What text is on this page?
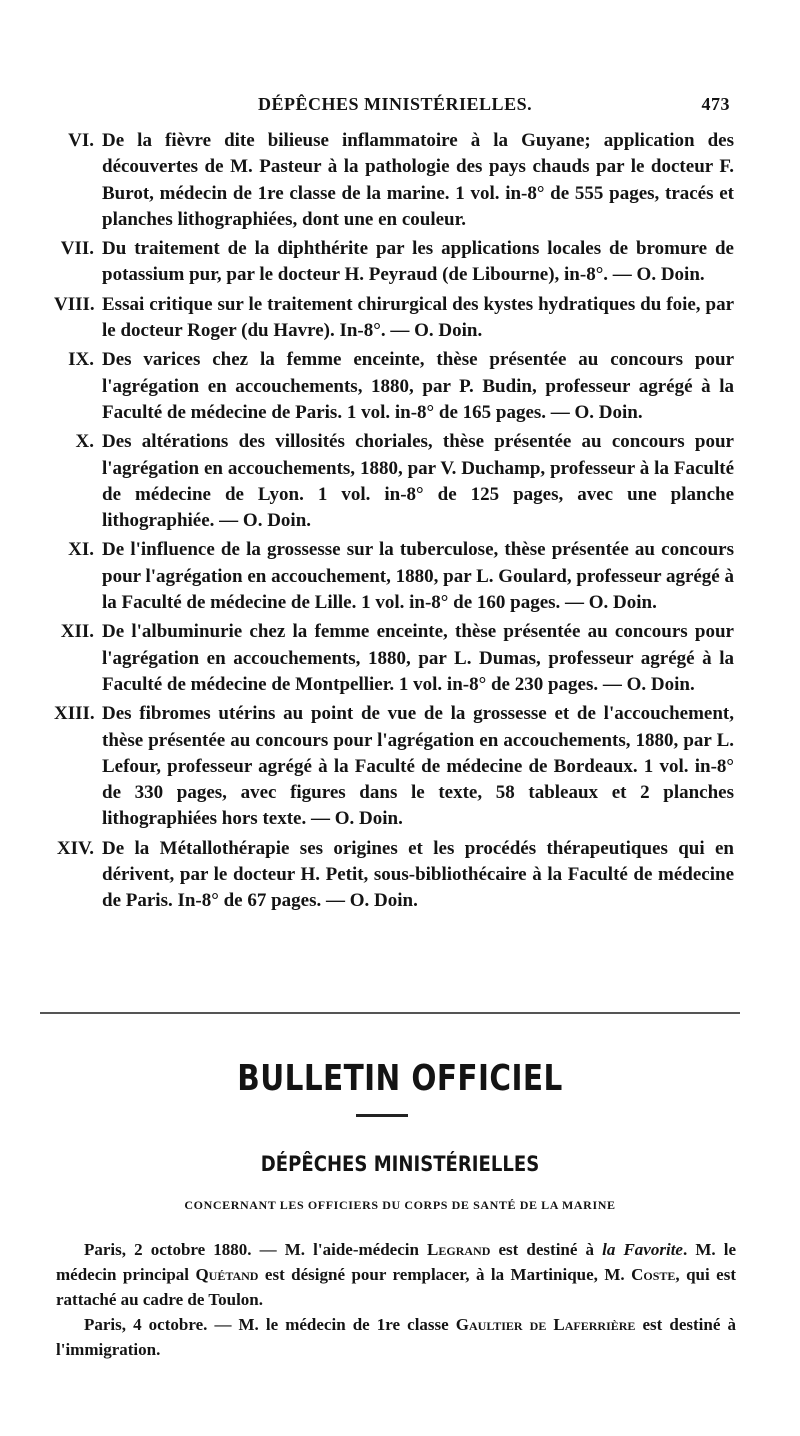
DÉPÊCHES MINISTÉRIELLES.	473
VI. De la fièvre dite bilieuse inflammatoire à la Guyane; application des découvertes de M. Pasteur à la pathologie des pays chauds par le docteur F. Burot, médecin de 1re classe de la marine. 1 vol. in-8° de 555 pages, tracés et planches lithographiées, dont une en couleur.
VII. Du traitement de la diphthérite par les applications locales de bromure de potassium pur, par le docteur H. Peyraud (de Libourne), in-8°. — O. Doin.
VIII. Essai critique sur le traitement chirurgical des kystes hydratiques du foie, par le docteur Roger (du Havre). In-8°. — O. Doin.
IX. Des varices chez la femme enceinte, thèse présentée au concours pour l'agrégation en accouchements, 1880, par P. Budin, professeur agrégé à la Faculté de médecine de Paris. 1 vol. in-8° de 165 pages. — O. Doin.
X. Des altérations des villosités choriales, thèse présentée au concours pour l'agrégation en accouchements, 1880, par V. Duchamp, professeur à la Faculté de médecine de Lyon. 1 vol. in-8° de 125 pages, avec une planche lithographiée. — O. Doin.
XI. De l'influence de la grossesse sur la tuberculose, thèse présentée au concours pour l'agrégation en accouchement, 1880, par L. Goulard, professeur agrégé à la Faculté de médecine de Lille. 1 vol. in-8° de 160 pages. — O. Doin.
XII. De l'albuminurie chez la femme enceinte, thèse présentée au concours pour l'agrégation en accouchements, 1880, par L. Dumas, professeur agrégé à la Faculté de médecine de Montpellier. 1 vol. in-8° de 230 pages. — O. Doin.
XIII. Des fibromes utérins au point de vue de la grossesse et de l'accouchement, thèse présentée au concours pour l'agrégation en accouchements, 1880, par L. Lefour, professeur agrégé à la Faculté de médecine de Bordeaux. 1 vol. in-8° de 330 pages, avec figures dans le texte, 58 tableaux et 2 planches lithographiées hors texte. — O. Doin.
XIV. De la Métallothérapie ses origines et les procédés thérapeutiques qui en dérivent, par le docteur H. Petit, sous-bibliothécaire à la Faculté de médecine de Paris. In-8° de 67 pages. — O. Doin.
BULLETIN OFFICIEL
DÉPÊCHES MINISTÉRIELLES
CONCERNANT LES OFFICIERS DU CORPS DE SANTÉ DE LA MARINE

Paris, 2 octobre 1880. — M. l'aide-médecin Legrand est destiné à la Favorite. M. le médecin principal Quétand est désigné pour remplacer, à la Martinique, M. Coste, qui est rattaché au cadre de Toulon.

Paris, 4 octobre. — M. le médecin de 1re classe Gaultier de Laferrière est destiné à l'immigration.
